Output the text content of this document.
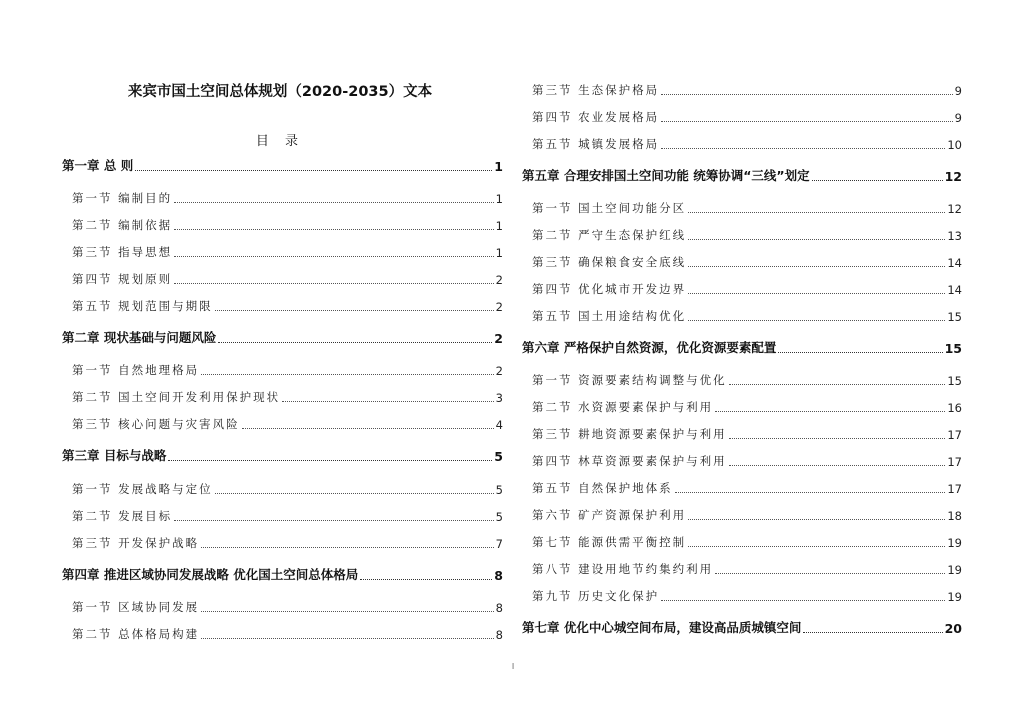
来宾市国土空间总体规划（2020-2035）文本
目 录
第一章 总 则	1
第一节 编制目的	1
第二节 编制依据	1
第三节 指导思想	1
第四节 规划原则	2
第五节 规划范围与期限	2
第二章 现状基础与问题风险	2
第一节 自然地理格局	2
第二节 国土空间开发利用保护现状	3
第三节 核心问题与灾害风险	4
第三章 目标与战略	5
第一节 发展战略与定位	5
第二节 发展目标	5
第三节 开发保护战略	7
第四章 推进区域协同发展战略 优化国土空间总体格局	8
第一节 区域协同发展	8
第二节 总体格局构建	8
第三节 生态保护格局	9
第四节 农业发展格局	9
第五节 城镇发展格局	10
第五章 合理安排国土空间功能 统筹协调“三线”划定	12
第一节 国土空间功能分区	12
第二节 严守生态保护红线	13
第三节 确保粮食安全底线	14
第四节 优化城市开发边界	14
第五节 国土用途结构优化	15
第六章 严格保护自然资源，优化资源要素配置	15
第一节 资源要素结构调整与优化	15
第二节 水资源要素保护与利用	16
第三节 耕地资源要素保护与利用	17
第四节 林草资源要素保护与利用	17
第五节 自然保护地体系	17
第六节 矿产资源保护利用	18
第七节 能源供需平衡控制	19
第八节 建设用地节约集约利用	19
第九节 历史文化保护	19
第七章 优化中心城空间布局，建设高品质城镇空间	20
I
